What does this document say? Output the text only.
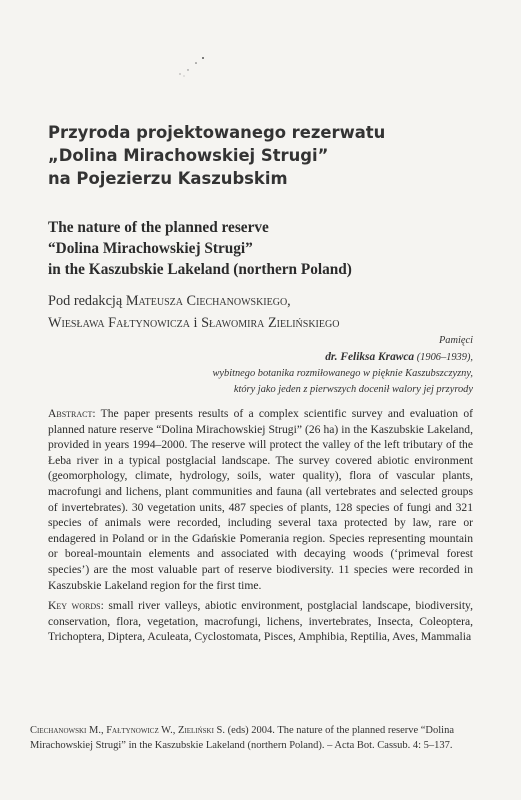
Przyroda projektowanego rezerwatu
„Dolina Mirachowskiej Strugi”
na Pojezierzu Kaszubskim
The nature of the planned reserve
“Dolina Mirachowskiej Strugi”
in the Kaszubskie Lakeland (northern Poland)
Pod redakcją Mateusza Ciechanowskiego,
Wiesława Fałtynowicza i Sławomira Zielińskiego
Pamięci
dr. Feliksa Krawca (1906–1939),
wybitnego botanika rozmiłowanego w pięknie Kaszubszczyzny,
który jako jeden z pierwszych docenił walory jej przyrody
Abstract: The paper presents results of a complex scientific survey and evaluation of planned nature reserve “Dolina Mirachowskiej Strugi” (26 ha) in the Kaszubskie Lakeland, provided in years 1994–2000. The reserve will protect the valley of the left tributary of the Łeba river in a typical postglacial landscape. The survey covered abiotic environment (geomorphology, climate, hydrology, soils, water quality), flora of vascular plants, macrofungi and lichens, plant communities and fauna (all vertebrates and selected groups of invertebrates). 30 vegetation units, 487 species of plants, 128 species of fungi and 321 species of animals were recorded, including several taxa protected by law, rare or endagered in Poland or in the Gdańskie Pomerania region. Species representing mountain or boreal-mountain elements and associated with decaying woods (‘primeval forest species’) are the most valuable part of reserve biodiversity. 11 species were recorded in Kaszubskie Lakeland region for the first time.
Key words: small river valleys, abiotic environment, postglacial landscape, biodiversity, conservation, flora, vegetation, macrofungi, lichens, invertebrates, Insecta, Coleoptera, Trichoptera, Diptera, Aculeata, Cyclostomata, Pisces, Amphibia, Reptilia, Aves, Mammalia
Ciechanowski M., Fałtynowicz W., Zieliński S. (eds) 2004. The nature of the planned reserve “Dolina Mirachowskiej Strugi” in the Kaszubskie Lakeland (northern Poland). – Acta Bot. Cassub. 4: 5–137.
